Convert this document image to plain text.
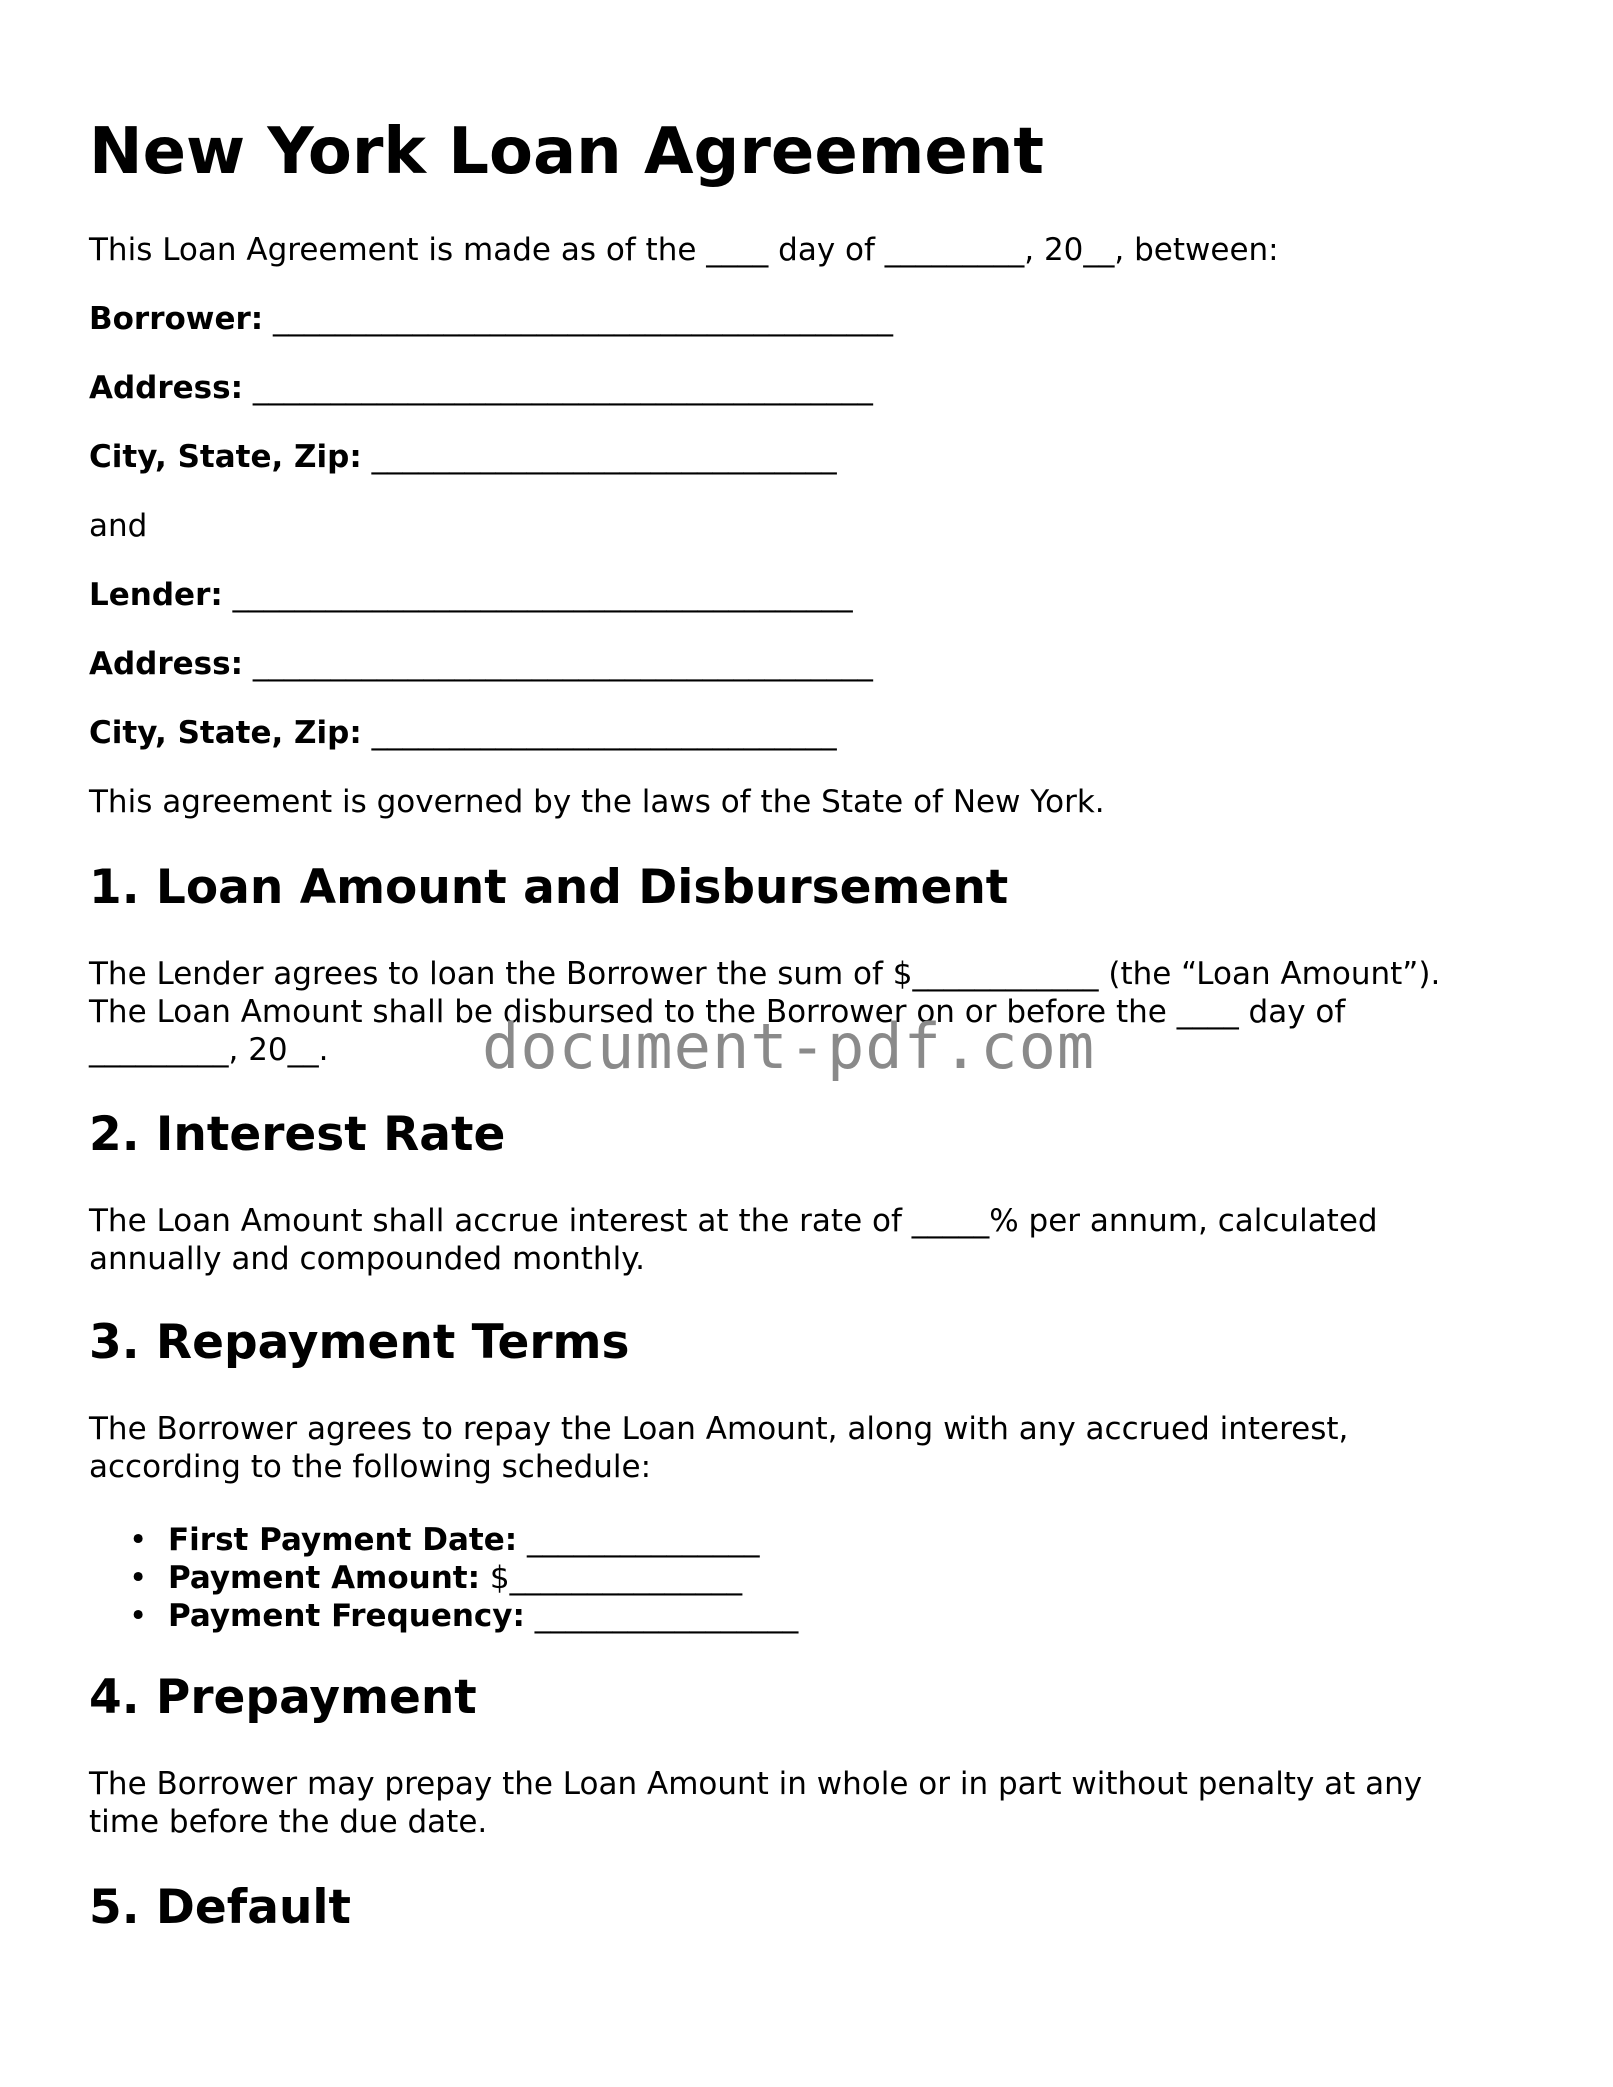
New York Loan Agreement

This Loan Agreement is made as of the ____ day of _________, 20__, between:

Borrower: ________________________________________

Address: ________________________________________

City, State, Zip: ______________________________

and

Lender: ________________________________________

Address: ________________________________________

City, State, Zip: ______________________________

This agreement is governed by the laws of the State of New York.

1. Loan Amount and Disbursement
The Lender agrees to loan the Borrower the sum of $____________ (the “Loan Amount”).
The Loan Amount shall be disbursed to the Borrower on or before the ____ day of
_________, 20__.
2. Interest Rate
The Loan Amount shall accrue interest at the rate of _____% per annum, calculated
annually and compounded monthly.
3. Repayment Terms
The Borrower agrees to repay the Loan Amount, along with any accrued interest,
according to the following schedule:
• First Payment Date: _______________
• Payment Amount: $_______________
• Payment Frequency: _________________
4. Prepayment
The Borrower may prepay the Loan Amount in whole or in part without penalty at any
time before the due date.
5. Default
document-pdf.com
